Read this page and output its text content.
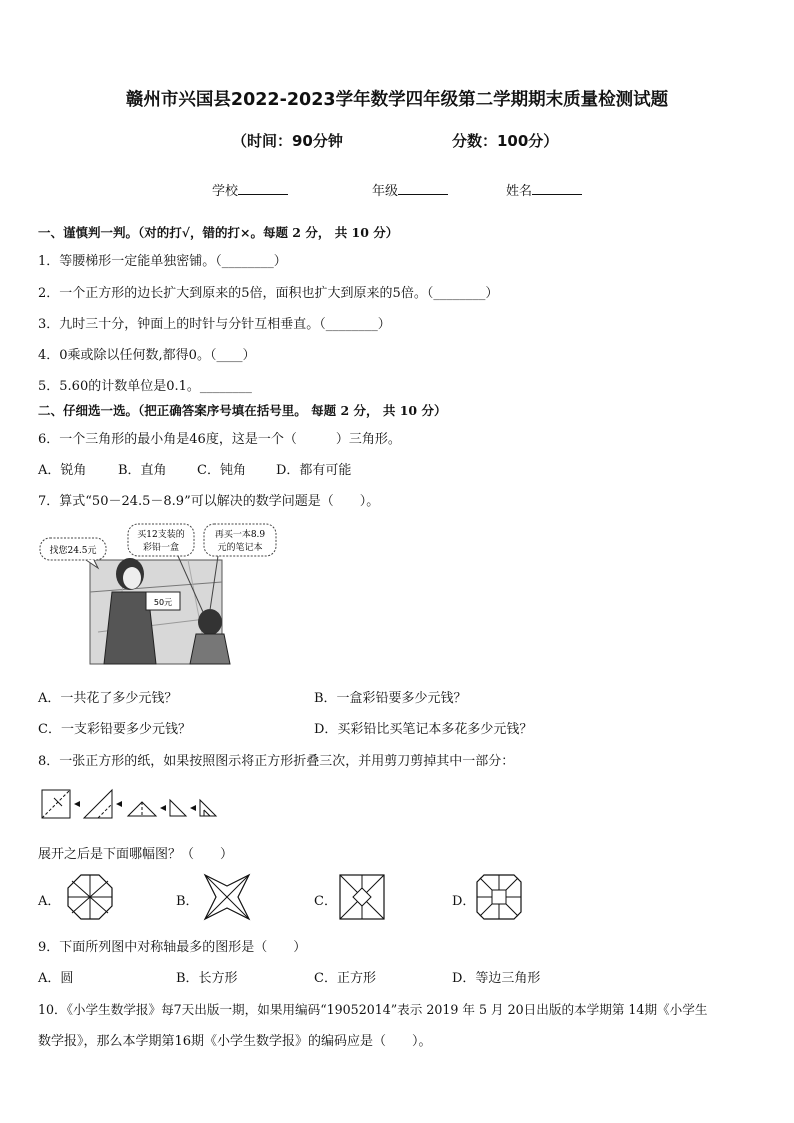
赣州市兴国县2022-2023学年数学四年级第二学期期末质量检测试题
（时间：90分钟	分数：100分）
学校	年级	姓名
一、谨慎判一判。（对的打√，错的打×。每题 2 分， 共 10 分）
1．等腰梯形一定能单独密铺。（________）
2．一个正方形的边长扩大到原来的5倍，面积也扩大到原来的5倍。（________）
3．九时三十分，钟面上的时针与分针互相垂直。（________）
4．0乘或除以任何数,都得0。（____）
5．5.60的计数单位是0.1。________
二、仔细选一选。（把正确答案序号填在括号里。 每题 2 分， 共 10 分）
6．一个三角形的最小角是46度，这是一个（　　　）三角形。
A．锐角 B．直角 C．钝角 D．都有可能
7．算式“50－24.5－8.9”可以解决的数学问题是（　　）。
50元
找您24.5元
买12支装的
彩铅一盒
再买一本8.9
元的笔记本
A．一共花了多少元钱？	B．一盒彩铅要多少元钱？
C．一支彩铅要多少元钱？	D．买彩铅比买笔记本多花多少元钱？
8．一张正方形的纸，如果按照图示将正方形折叠三次，并用剪刀剪掉其中一部分：
展开之后是下面哪幅图？（　　）
A．	B．	C．	D．
9．下面所列图中对称轴最多的图形是（　　）
A．圆	B．长方形	C．正方形	D．等边三角形
10．《小学生数学报》每7天出版一期，如果用编码“19052014”表示 2019 年 5 月 20日出版的本学期第 14期《小学生
数学报》，那么本学期第16期《小学生数学报》的编码应是（　　）。
